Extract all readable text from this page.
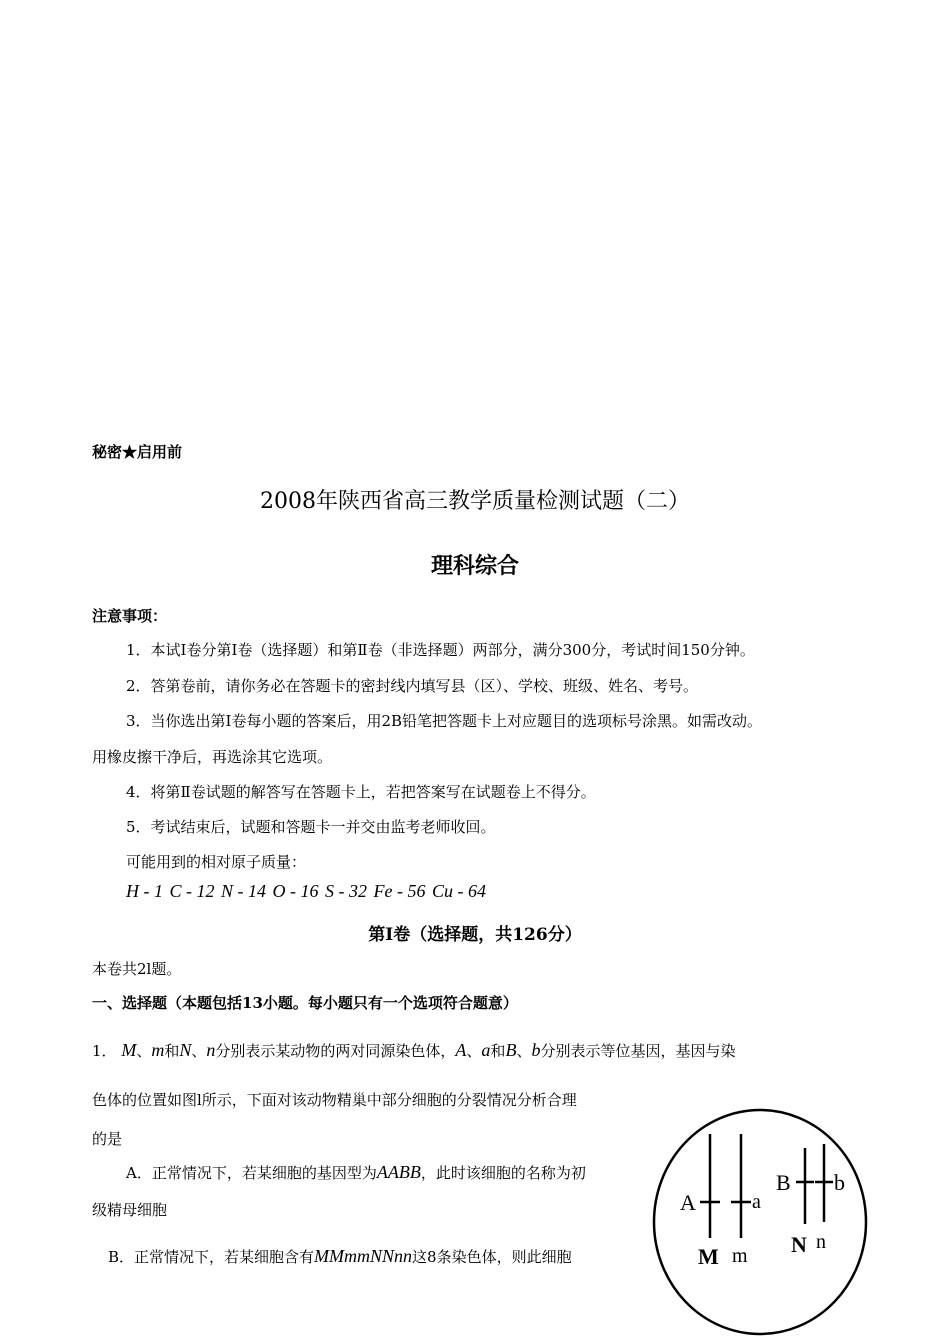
秘密★启用前
2008年陕西省高三教学质量检测试题（二）
理科综合
注意事项：
1．本试Ⅰ卷分第Ⅰ卷（选择题）和第Ⅱ卷（非选择题）两部分，满分300分，考试时间150分钟。
2．答第卷前，请你务必在答题卡的密封线内填写县（区）、学校、班级、姓名、考号。
3．当你选出第Ⅰ卷每小题的答案后，用2B铅笔把答题卡上对应题目的选项标号涂黑。如需改动。
用橡皮擦干净后，再选涂其它选项。
4．将第Ⅱ卷试题的解答写在答题卡上，若把答案写在试题卷上不得分。
5．考试结束后，试题和答题卡一并交由监考老师收回。
可能用到的相对原子质量：
H - 1 C - 12 N - 14 O - 16 S - 32 Fe - 56 Cu - 64
第Ⅰ卷（选择题，共126分）
本卷共2l题。
一、选择题（本题包括13小题。每小题只有一个选项符合题意）
1． M、m和N、n分别表示某动物的两对同源染色体，A、a和B、b分别表示等位基因，基因与染
色体的位置如图l所示，下面对该动物精巢中部分细胞的分裂情况分析合理
的是
A．正常情况下，若某细胞的基因型为AABB，此时该细胞的名称为初
级精母细胞
B．正常情况下，若某细胞含有MMmmNNnn这8条染色体，则此细胞
A	a
B b
M m N n
